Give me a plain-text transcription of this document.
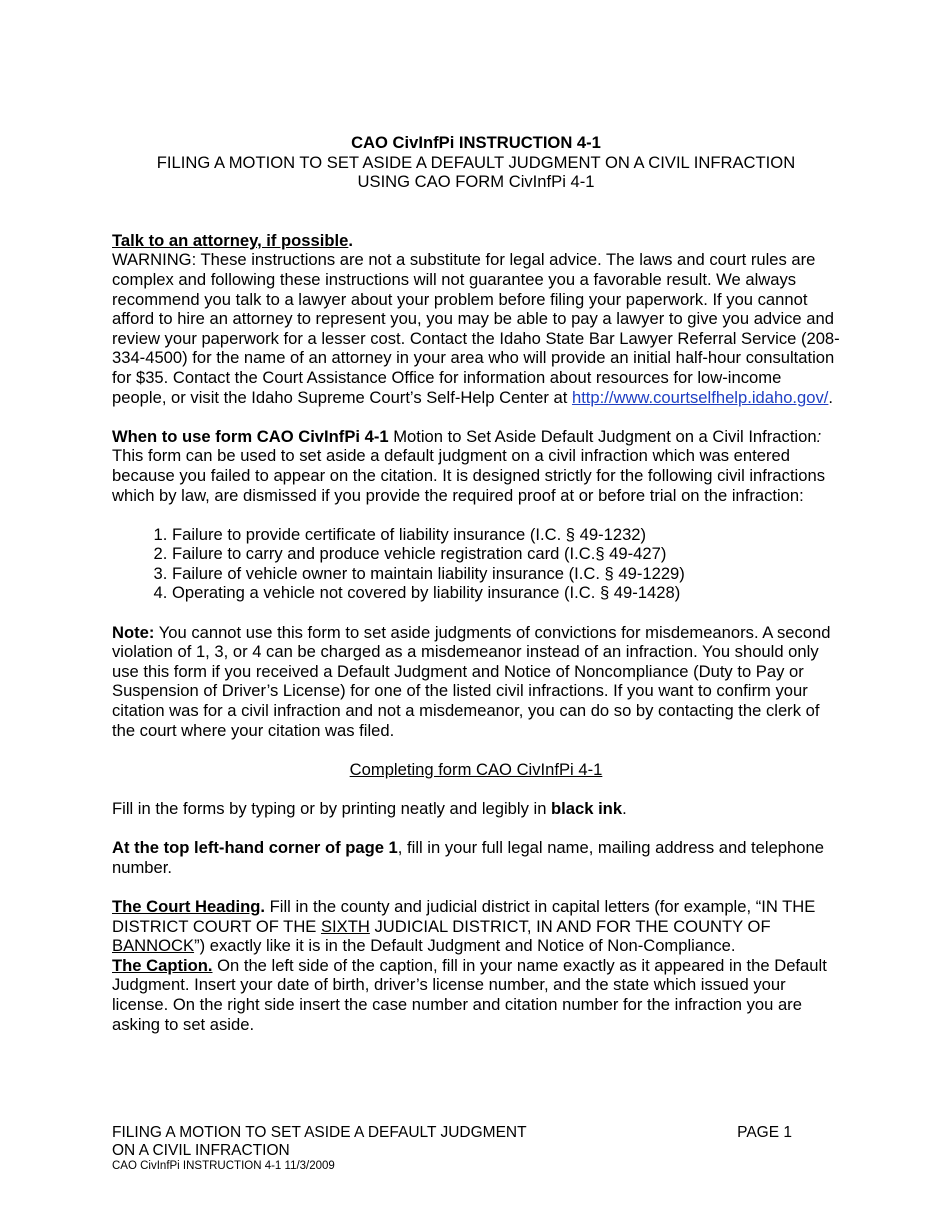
CAO CivInfPi INSTRUCTION 4-1
FILING A MOTION TO SET ASIDE A DEFAULT JUDGMENT ON A CIVIL INFRACTION
USING CAO FORM CivInfPi 4-1

Talk to an attorney, if possible.
WARNING: These instructions are not a substitute for legal advice. The laws and court rules are complex and following these instructions will not guarantee you a favorable result. We always recommend you talk to a lawyer about your problem before filing your paperwork. If you cannot afford to hire an attorney to represent you, you may be able to pay a lawyer to give you advice and review your paperwork for a lesser cost. Contact the Idaho State Bar Lawyer Referral Service (208-334-4500) for the name of an attorney in your area who will provide an initial half-hour consultation for $35. Contact the Court Assistance Office for information about resources for low-income people, or visit the Idaho Supreme Court’s Self-Help Center at http://www.courtselfhelp.idaho.gov/.

When to use form CAO CivInfPi 4-1 Motion to Set Aside Default Judgment on a Civil Infraction: This form can be used to set aside a default judgment on a civil infraction which was entered because you failed to appear on the citation. It is designed strictly for the following civil infractions which by law, are dismissed if you provide the required proof at or before trial on the infraction:

1. Failure to provide certificate of liability insurance (I.C. § 49-1232)
2. Failure to carry and produce vehicle registration card (I.C.§ 49-427)
3. Failure of vehicle owner to maintain liability insurance (I.C. § 49-1229)
4. Operating a vehicle not covered by liability insurance (I.C. § 49-1428)

Note: You cannot use this form to set aside judgments of convictions for misdemeanors. A second violation of 1, 3, or 4 can be charged as a misdemeanor instead of an infraction. You should only use this form if you received a Default Judgment and Notice of Noncompliance (Duty to Pay or Suspension of Driver’s License) for one of the listed civil infractions. If you want to confirm your citation was for a civil infraction and not a misdemeanor, you can do so by contacting the clerk of the court where your citation was filed.

Completing form CAO CivInfPi 4-1

Fill in the forms by typing or by printing neatly and legibly in black ink.

At the top left-hand corner of page 1, fill in your full legal name, mailing address and telephone number.

The Court Heading. Fill in the county and judicial district in capital letters (for example, “IN THE DISTRICT COURT OF THE SIXTH JUDICIAL DISTRICT, IN AND FOR THE COUNTY OF BANNOCK”) exactly like it is in the Default Judgment and Notice of Non-Compliance.

The Caption. On the left side of the caption, fill in your name exactly as it appeared in the Default Judgment. Insert your date of birth, driver’s license number, and the state which issued your license. On the right side insert the case number and citation number for the infraction you are asking to set aside.

FILING A MOTION TO SET ASIDE A DEFAULT JUDGMENT	PAGE 1
ON A CIVIL INFRACTION
CAO CivInfPi INSTRUCTION 4-1 11/3/2009
